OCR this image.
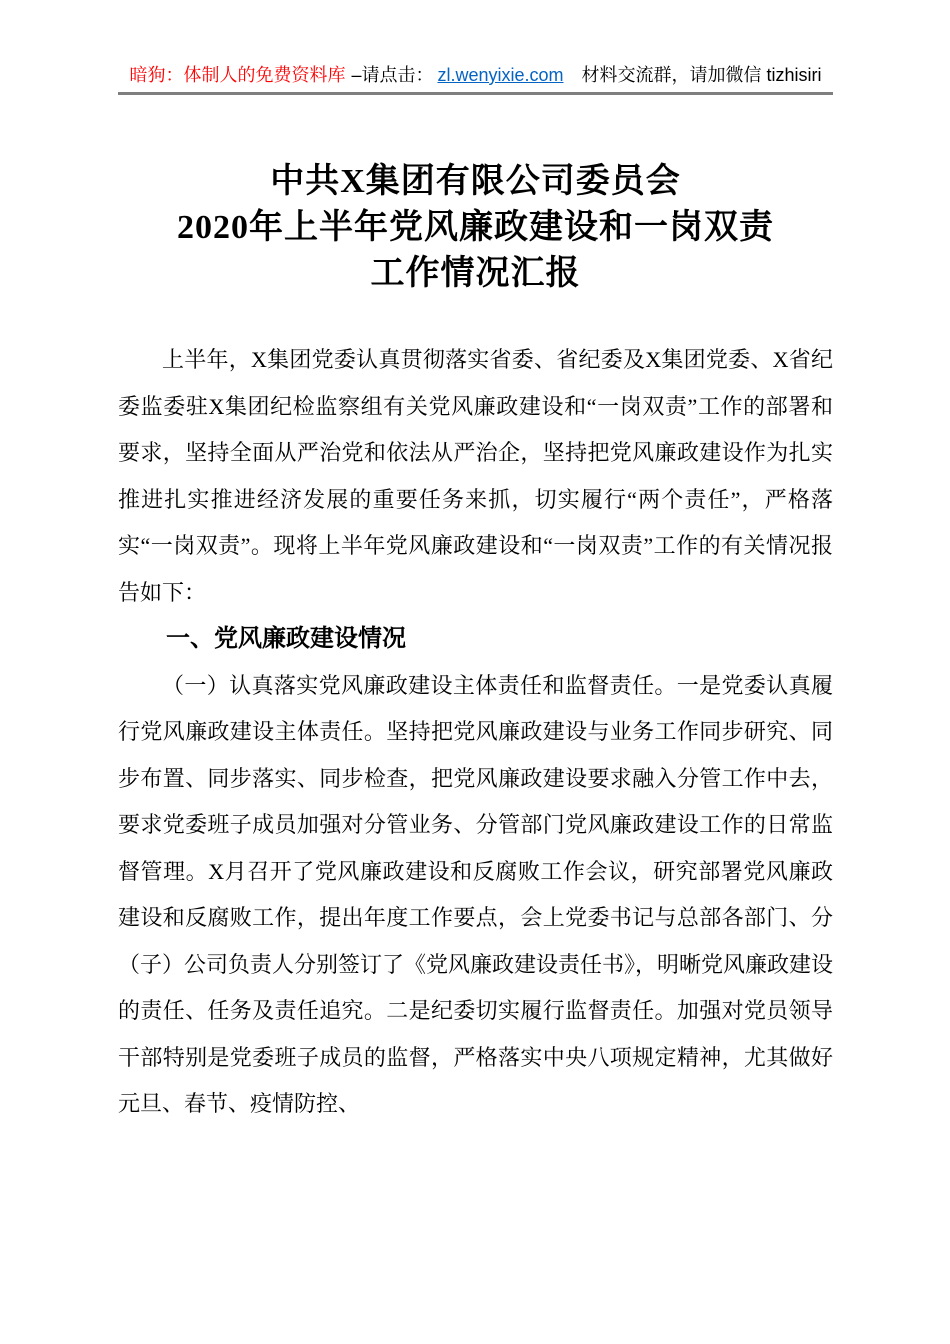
暗狗：体制人的免费资料库 –请点击： zl.wenyixie.com 材料交流群，请加微信 tizhisiri
中共X集团有限公司委员会
2020年上半年党风廉政建设和一岗双责
工作情况汇报

上半年，X集团党委认真贯彻落实省委、省纪委及X集团党委、X省纪委监委驻X集团纪检监察组有关党风廉政建设和“一岗双责”工作的部署和要求，坚持全面从严治党和依法从严治企，坚持把党风廉政建设作为扎实推进扎实推进经济发展的重要任务来抓，切实履行“两个责任”，严格落实“一岗双责”。现将上半年党风廉政建设和“一岗双责”工作的有关情况报告如下：

一、党风廉政建设情况

（一）认真落实党风廉政建设主体责任和监督责任。一是党委认真履行党风廉政建设主体责任。坚持把党风廉政建设与业务工作同步研究、同步布置、同步落实、同步检查，把党风廉政建设要求融入分管工作中去，要求党委班子成员加强对分管业务、分管部门党风廉政建设工作的日常监督管理。X月召开了党风廉政建设和反腐败工作会议，研究部署党风廉政建设和反腐败工作，提出年度工作要点，会上党委书记与总部各部门、分（子）公司负责人分别签订了《党风廉政建设责任书》，明晰党风廉政建设的责任、任务及责任追究。二是纪委切实履行监督责任。加强对党员领导干部特别是党委班子成员的监督，严格落实中央八项规定精神，尤其做好元旦、春节、疫情防控、
